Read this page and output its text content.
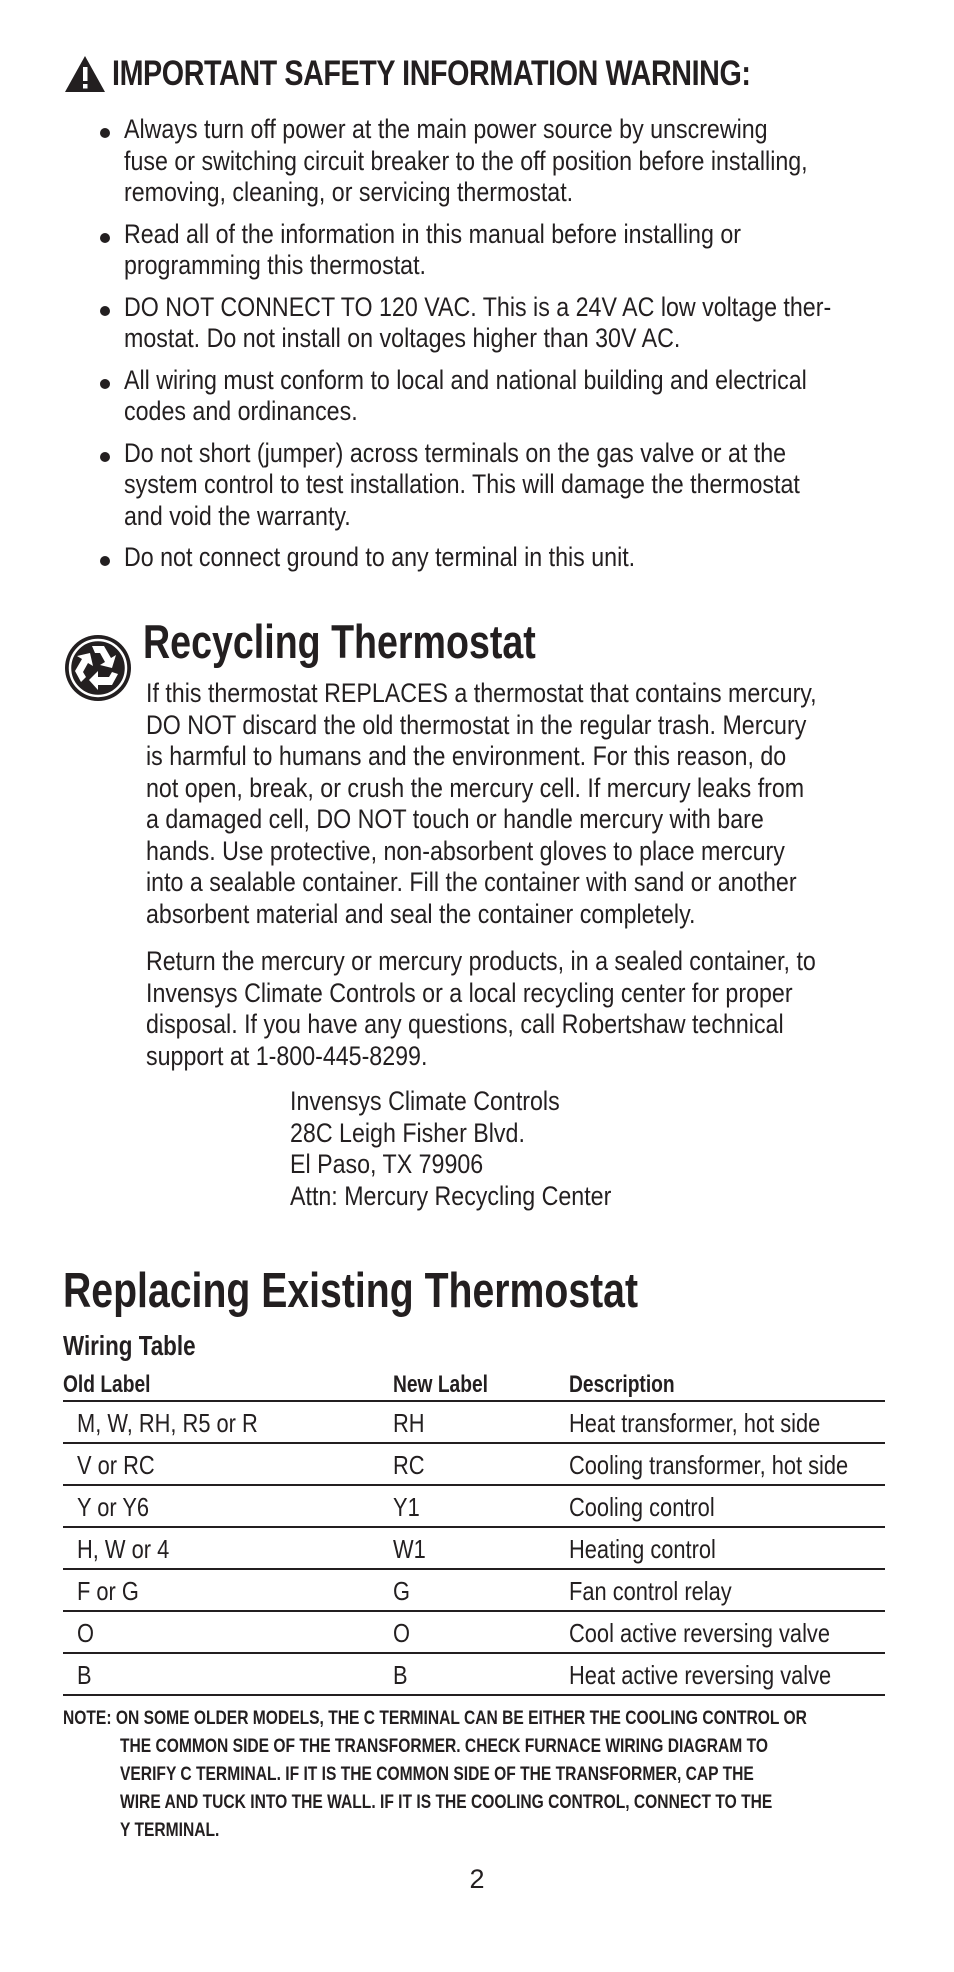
IMPORTANT SAFETY INFORMATION WARNING:
Always turn off power at the main power source by unscrewing
fuse or switching circuit breaker to the off position before installing,
removing, cleaning, or servicing thermostat.
Read all of the information in this manual before installing or
programming this thermostat.
DO NOT CONNECT TO 120 VAC. This is a 24V AC low voltage ther-
mostat. Do not install on voltages higher than 30V AC.
All wiring must conform to local and national building and electrical
codes and ordinances.
Do not short (jumper) across terminals on the gas valve or at the
system control to test installation. This will damage the thermostat
and void the warranty.
Do not connect ground to any terminal in this unit.
Recycling Thermostat
If this thermostat REPLACES a thermostat that contains mercury,
DO NOT discard the old thermostat in the regular trash. Mercury
is harmful to humans and the environment. For this reason, do
not open, break, or crush the mercury cell. If mercury leaks from
a damaged cell, DO NOT touch or handle mercury with bare
hands. Use protective, non-absorbent gloves to place mercury
into a sealable container. Fill the container with sand or another
absorbent material and seal the container completely.
Return the mercury or mercury products, in a sealed container, to
Invensys Climate Controls or a local recycling center for proper
disposal. If you have any questions, call Robertshaw technical
support at 1-800-445-8299.
Invensys Climate Controls
28C Leigh Fisher Blvd.
El Paso, TX 79906
Attn: Mercury Recycling Center
Replacing Existing Thermostat
Wiring Table
Old Label	New Label	Description
M, W, RH, R5 or R	RH	Heat transformer, hot side
V or RC	RC	Cooling transformer, hot side
Y or Y6	Y1	Cooling control
H, W or 4	W1	Heating control
F or G	G	Fan control relay
O	O	Cool active reversing valve
B	B	Heat active reversing valve
NOTE: ON SOME OLDER MODELS, THE C TERMINAL CAN BE EITHER THE COOLING CONTROL OR
THE COMMON SIDE OF THE TRANSFORMER. CHECK FURNACE WIRING DIAGRAM TO
VERIFY C TERMINAL. IF IT IS THE COMMON SIDE OF THE TRANSFORMER, CAP THE
WIRE AND TUCK INTO THE WALL. IF IT IS THE COOLING CONTROL, CONNECT TO THE
Y TERMINAL.
2
